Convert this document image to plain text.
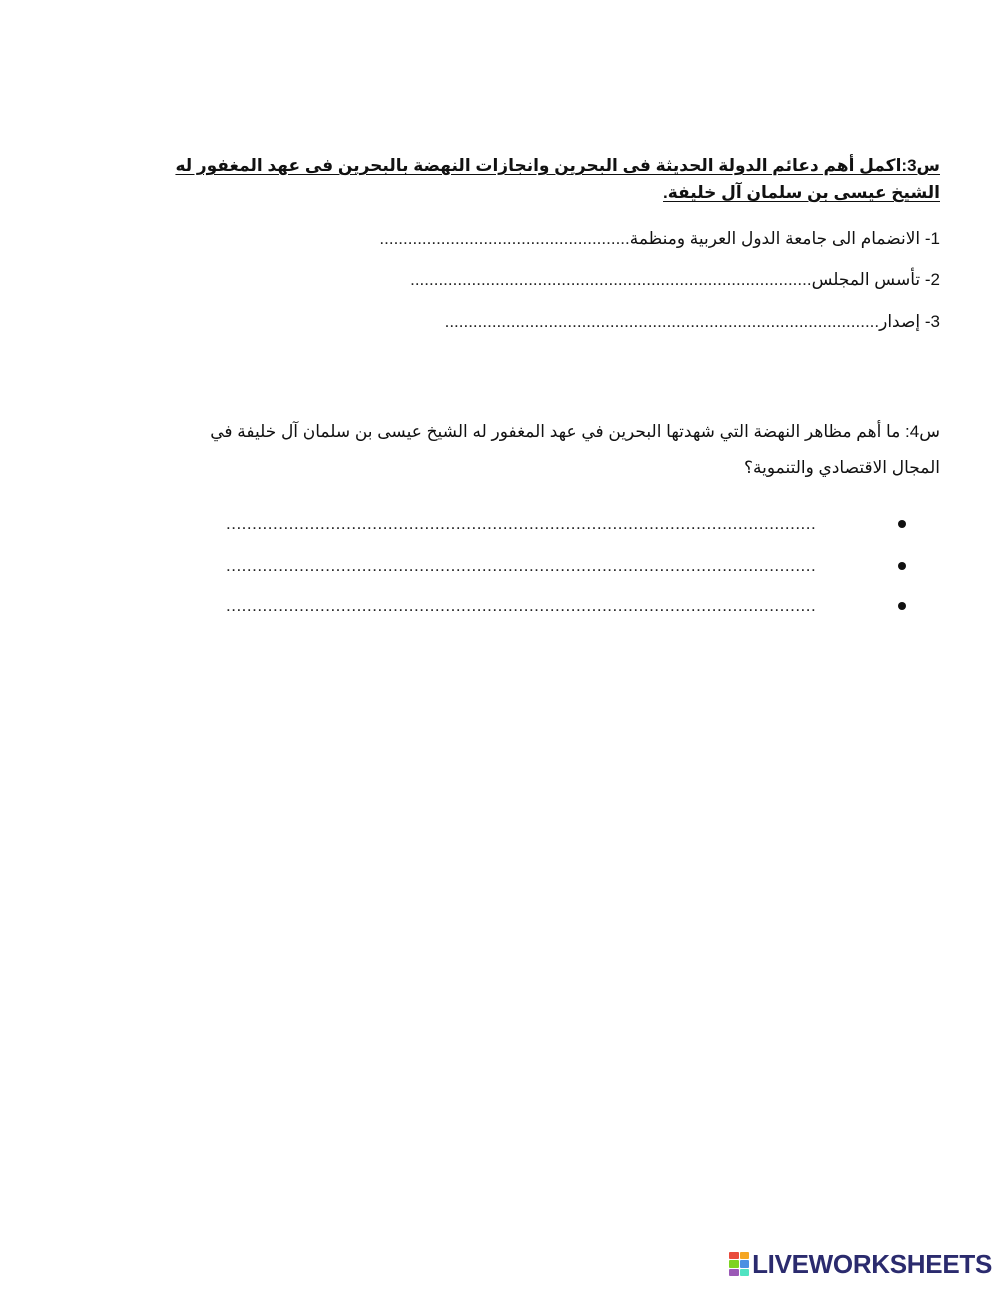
س3:اكمل أهم دعائم الدولة الحديثة فى البحرين وانجازات النهضة بالبحرين فى عهد المغفور له الشيخ عيسى بن سلمان آل خليفة.
1- الانضمام الى جامعة الدول العربية ومنظمة.....................................................
2- تأسس المجلس.....................................................................................
3- إصدار............................................................................................
س4: ما أهم مظاهر النهضة التي شهدتها البحرين في عهد المغفور له الشيخ عيسى بن سلمان آل خليفة في المجال الاقتصادي والتنموية؟
.................................................................................................................
.................................................................................................................
.................................................................................................................
LIVEWORKSHEETS
